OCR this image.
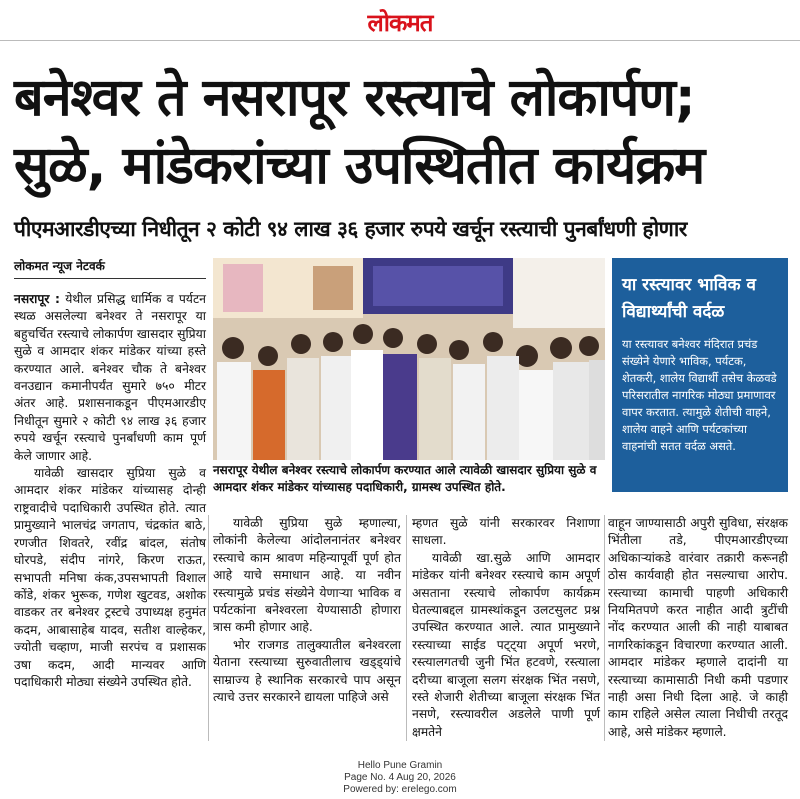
लोकमत
बनेश्वर ते नसरापूर रस्त्याचे लोकार्पण;
सुळे, मांडेकरांच्या उपस्थितीत कार्यक्रम
पीएमआरडीएच्या निधीतून २ कोटी ९४ लाख ३६ हजार रुपये खर्चून रस्त्याची पुनर्बांधणी होणार
लोकमत न्यूज नेटवर्क

नसरापूर : येथील प्रसिद्ध धार्मिक व पर्यटन स्थळ असलेल्या बनेश्वर ते नसरापूर या बहुचर्चित रस्त्याचे लोकार्पण खासदार सुप्रिया सुळे व आमदार शंकर मांडेकर यांच्या हस्ते करण्यात आले. बनेश्वर चौक ते बनेश्वर वनउद्यान कमानीपर्यंत सुमारे ७५० मीटर अंतर आहे. प्रशासनाकडून पीएमआरडीए निधीतून सुमारे २ कोटी ९४ लाख ३६ हजार रुपये खर्चून रस्त्याचे पुनर्बांधणी काम पूर्ण केले जाणार आहे.

यावेळी खासदार सुप्रिया सुळे व आमदार शंकर मांडेकर यांच्यासह दोन्ही राष्ट्रवादीचे पदाधिकारी उपस्थित होते. त्यात प्रामुख्याने भालचंद्र जगताप, चंद्रकांत बाठे, रणजीत शिवतरे, रवींद्र बांदल, संतोष घोरपडे, संदीप नांगरे, किरण राऊत, सभापती मनिषा कंक,उपसभापती विशाल कोंडे, शंकर भुरूक, गणेश खुटवड, अशोक वाडकर तर बनेश्वर ट्रस्टचे उपाध्यक्ष हनुमंत कदम, आबासाहेब यादव, सतीश वाल्हेकर, ज्योती चव्हाण, माजी सरपंच व प्रशासक उषा कदम, आदी मान्यवर आणि पदाधिकारी मोठ्या संख्येने उपस्थित होते.

नसरापूर येथील बनेश्वर रस्त्याचे लोकार्पण करण्यात आले त्यावेळी खासदार सुप्रिया सुळे व आमदार शंकर मांडेकर यांच्यासह पदाधिकारी, ग्रामस्थ उपस्थित होते.
या रस्त्यावर भाविक व विद्यार्थ्यांची वर्दळ
या रस्त्यावर बनेश्वर मंदिरात प्रचंड संख्येने येणारे भाविक, पर्यटक, शेतकरी, शालेय विद्यार्थी तसेच केळवडे परिसरातील नागरिक मोठ्या प्रमाणावर वापर करतात. त्यामुळे शेतीची वाहने, शालेय वाहने आणि पर्यटकांच्या वाहनांची सतत वर्दळ असते.

यावेळी सुप्रिया सुळे म्हणाल्या, लोकांनी केलेल्या आंदोलनानंतर बनेश्वर रस्त्याचे काम श्रावण महिन्यापूर्वी पूर्ण होत आहे याचे समाधान आहे. या नवीन रस्त्यामुळे प्रचंड संख्येने येणाऱ्या भाविक व पर्यटकांना बनेश्वरला येण्यासाठी होणारा त्रास कमी होणार आहे.

भोर राजगड तालुक्यातील बनेश्वरला येताना रस्त्याच्या सुरुवातीलाच खड्ड्यांचे साम्राज्य हे स्थानिक सरकारचे पाप असून त्याचे उत्तर सरकारने द्यायला पाहिजे असे

म्हणत सुळे यांनी सरकारवर निशाणा साधला.

यावेळी खा.सुळे आणि आमदार मांडेकर यांनी बनेश्वर रस्त्याचे काम अपूर्ण असताना रस्त्याचे लोकार्पण कार्यक्रम घेतल्याबद्दल ग्रामस्थांकडून उलटसुलट प्रश्न उपस्थित करण्यात आले. त्यात प्रामुख्याने रस्त्याच्या साईड पट्ट्या अपूर्ण भरणे, रस्त्यालगतची जुनी भिंत हटवणे, रस्त्याला दरीच्या बाजूला सलग संरक्षक भिंत नसणे, रस्ते शेजारी शेतीच्या बाजूला संरक्षक भिंत नसणे, रस्त्यावरील अडलेले पाणी पूर्ण क्षमतेने

वाहून जाण्यासाठी अपुरी सुविधा, संरक्षक भिंतीला तडे, पीएमआरडीएच्या अधिकाऱ्यांकडे वारंवार तक्रारी करूनही ठोस कार्यवाही होत नसल्याचा आरोप. रस्त्याच्या कामाची पाहणी अधिकारी नियमितपणे करत नाहीत आदी त्रुटींची नोंद करण्यात आली की नाही याबाबत नागरिकांकडून विचारणा करण्यात आली. आमदार मांडेकर म्हणाले दादांनी या रस्त्याच्या कामासाठी निधी कमी पडणार नाही असा निधी दिला आहे. जे काही काम राहिले असेल त्याला निधीची तरतूद आहे, असे मांडेकर म्हणाले.

Hello Pune Gramin
Page No. 4 Aug 20, 2026
Powered by: erelego.com
